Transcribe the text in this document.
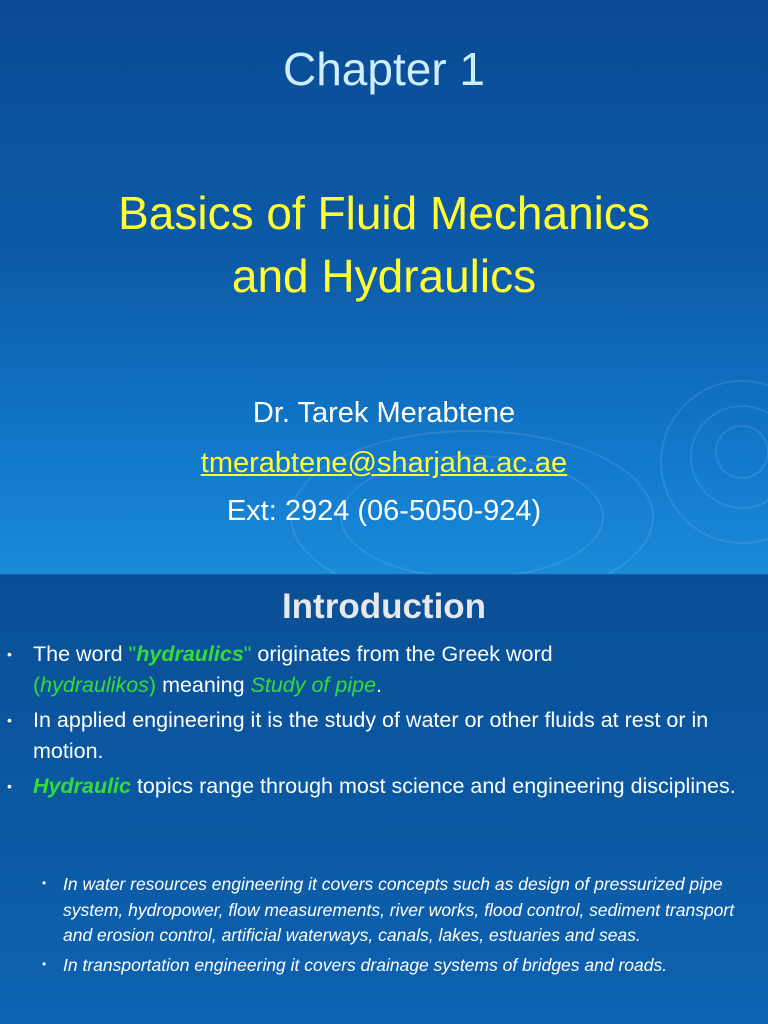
Chapter 1
Basics of Fluid Mechanics
and Hydraulics
Dr. Tarek Merabtene
tmerabtene@sharjaha.ac.ae
Ext: 2924 (06-5050-924)
Introduction
• The word "hydraulics" originates from the Greek word
(hydraulikos) meaning Study of pipe.
• In applied engineering it is the study of water or other fluids at rest or in motion.
• Hydraulic topics range through most science and engineering disciplines.
• In water resources engineering it covers concepts such as design of pressurized pipe system, hydropower, flow measurements, river works, flood control, sediment transport and erosion control, artificial waterways, canals, lakes, estuaries and seas.
• In transportation engineering it covers drainage systems of bridges and roads.
